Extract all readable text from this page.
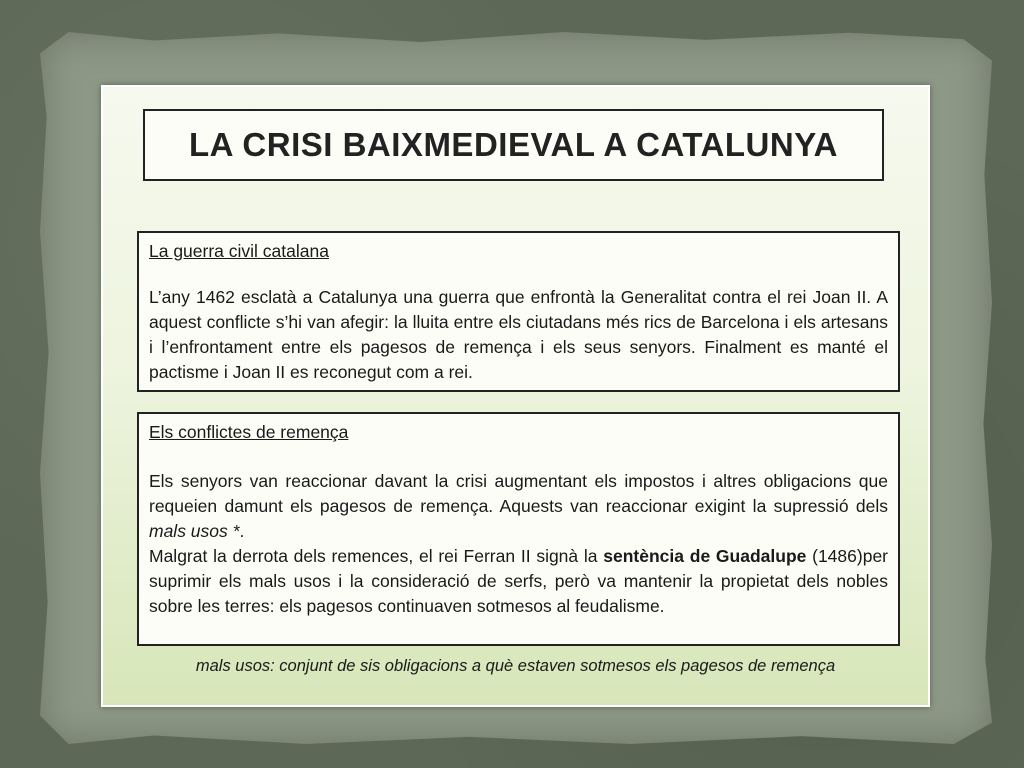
LA CRISI BAIXMEDIEVAL A CATALUNYA

La guerra civil catalana

L’any 1462 esclatà a Catalunya una guerra que enfrontà la Generalitat contra el rei Joan II. A aquest conflicte s’hi van afegir: la lluita entre els ciutadans més rics de Barcelona i els artesans i l’enfrontament entre els pagesos de remença i els seus senyors. Finalment es manté el pactisme i Joan II es reconegut com a rei.

Els conflictes de remença

Els senyors van reaccionar davant la crisi augmentant els impostos i altres obligacions que requeien damunt els pagesos de remença. Aquests van reaccionar exigint la supressió dels mals usos *.
Malgrat la derrota dels remences, el rei Ferran II signà la sentència de Guadalupe (1486)per suprimir els mals usos i la consideració de serfs, però va mantenir la propietat dels nobles sobre les terres: els pagesos continuaven sotmesos al feudalisme.

mals usos: conjunt de sis obligacions a què estaven sotmesos els pagesos de remença
